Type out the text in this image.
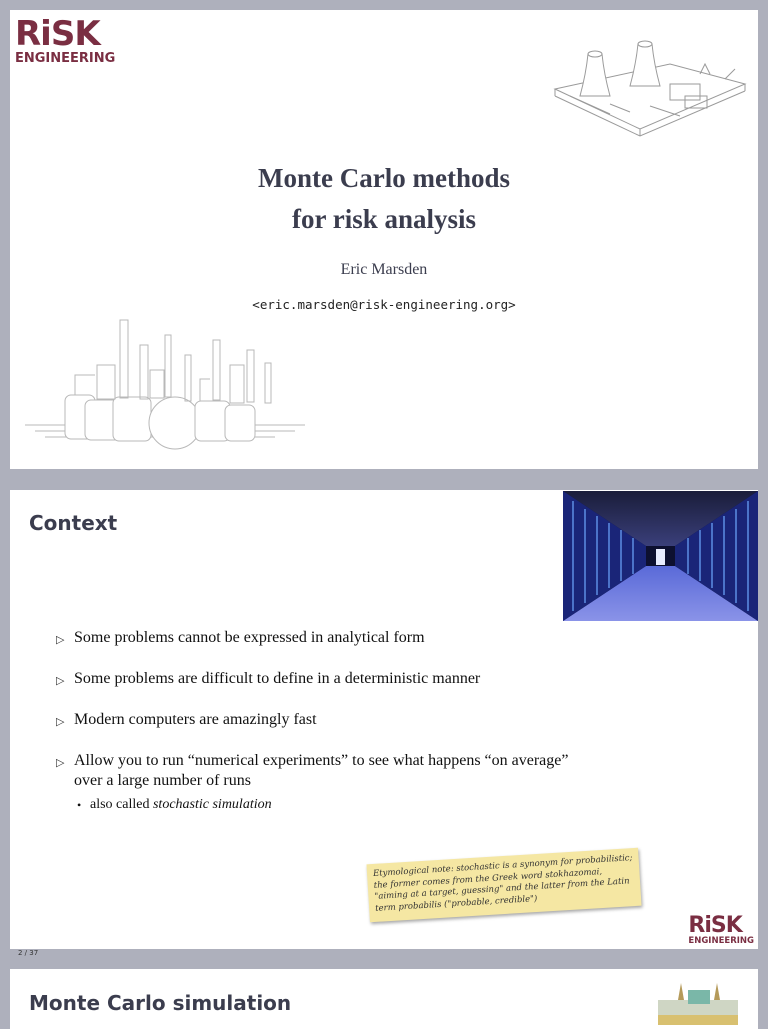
RiSK
ENGINEERING
Monte Carlo methods
for risk analysis
Eric Marsden
<eric.marsden@risk-engineering.org>
Context
▷ Some problems cannot be expressed in analytical form
▷ Some problems are difficult to define in a deterministic manner
▷ Modern computers are amazingly fast
▷ Allow you to run “numerical experiments” to see what happens “on average” over a large number of runs
• also called stochastic simulation
Etymological note: stochastic is a synonym for probabilistic; the former comes from the Greek word stokhazomai, "aiming at a target, guessing" and the latter from the Latin term probabilis ("probable, credible")
RiSK
ENGINEERING
2 / 37
Monte Carlo simulation
